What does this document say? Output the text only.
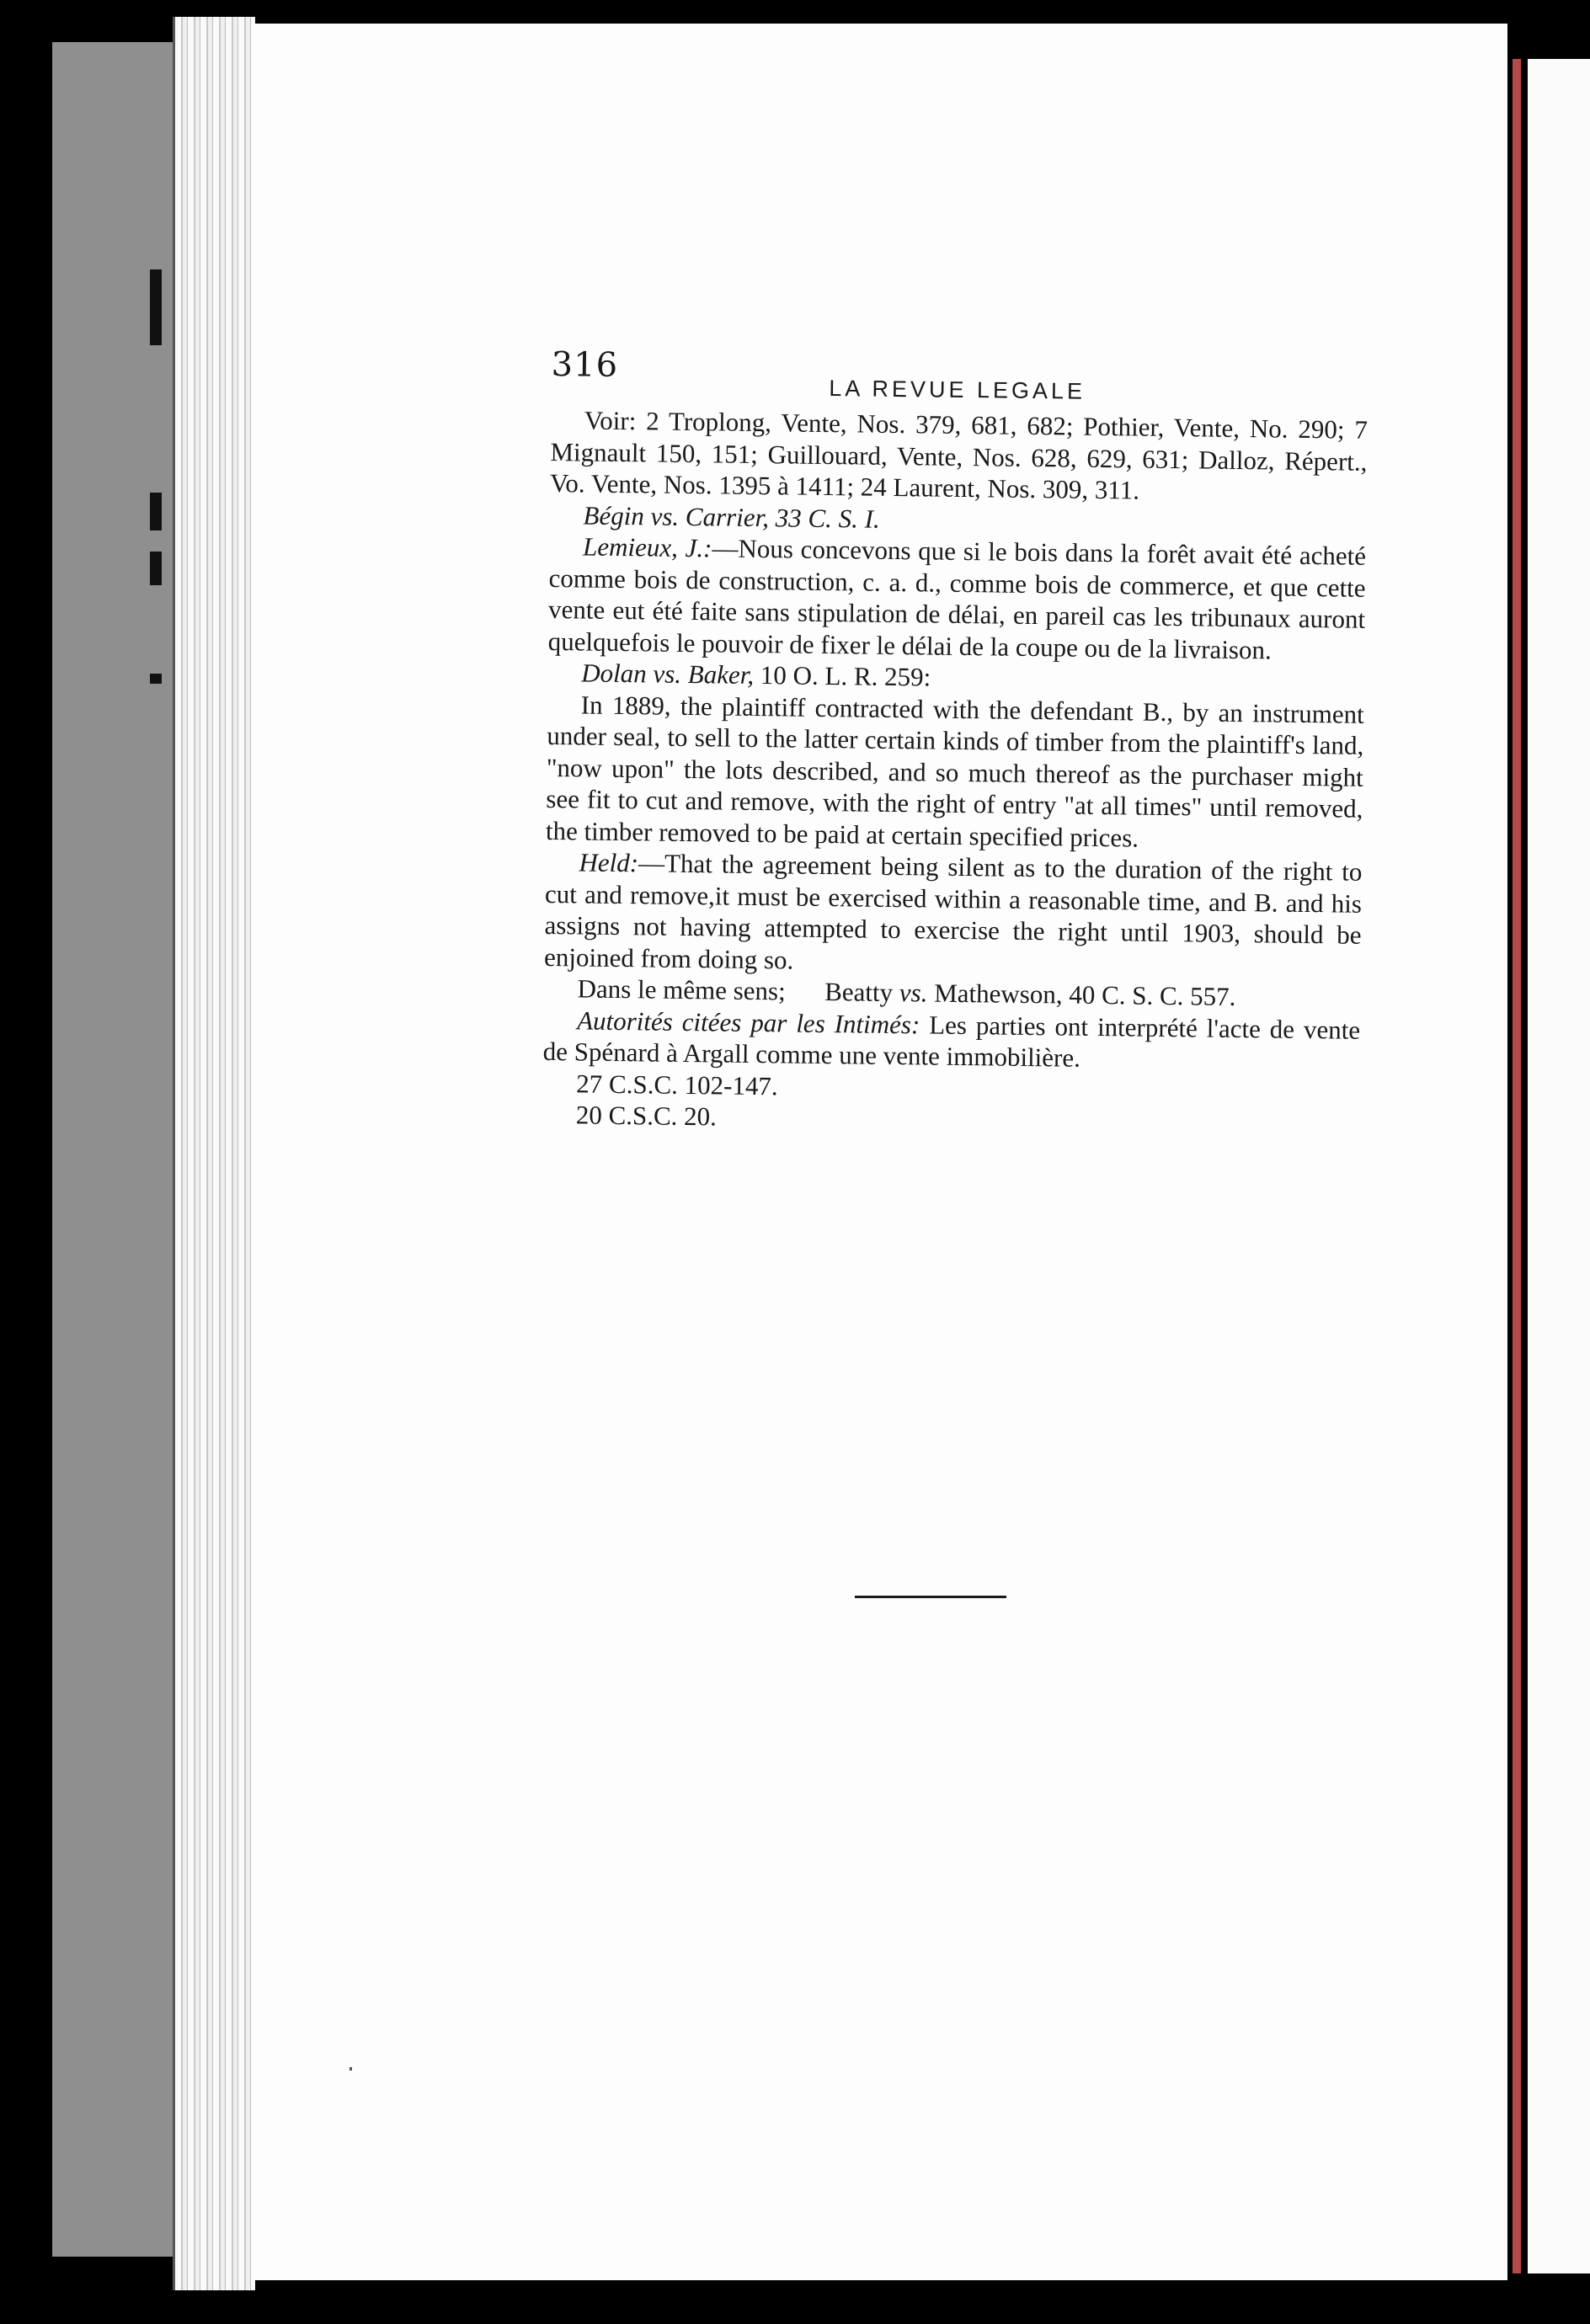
316
LA REVUE LEGALE

Voir: 2 Troplong, Vente, Nos. 379, 681, 682; Pothier, Vente, No. 290; 7 Mignault 150, 151; Guillouard, Vente, Nos. 628, 629, 631; Dalloz, Répert., Vo. Vente, Nos. 1395 à 1411; 24 Laurent, Nos. 309, 311.

Bégin vs. Carrier, 33 C. S. I.

Lemieux, J.:—Nous concevons que si le bois dans la forêt avait été acheté comme bois de construction, c. a. d., comme bois de commerce, et que cette vente eut été faite sans stipulation de délai, en pareil cas les tribunaux auront quelquefois le pouvoir de fixer le délai de la coupe ou de la livraison.

Dolan vs. Baker, 10 O. L. R. 259:

In 1889, the plaintiff contracted with the defendant B., by an instrument under seal, to sell to the latter certain kinds of timber from the plaintiff's land, "now upon" the lots described, and so much thereof as the purchaser might see fit to cut and remove, with the right of entry "at all times" until removed, the timber removed to be paid at certain specified prices.

Held:—That the agreement being silent as to the duration of the right to cut and remove,it must be exercised within a reasonable time, and B. and his assigns not having attempted to exercise the right until 1903, should be enjoined from doing so.

Dans le même sens; Beatty vs. Mathewson, 40 C. S. C. 557.

Autorités citées par les Intimés: Les parties ont interprété l'acte de vente de Spénard à Argall comme une vente immobilière.

27 C.S.C. 102-147.

20 C.S.C. 20.
